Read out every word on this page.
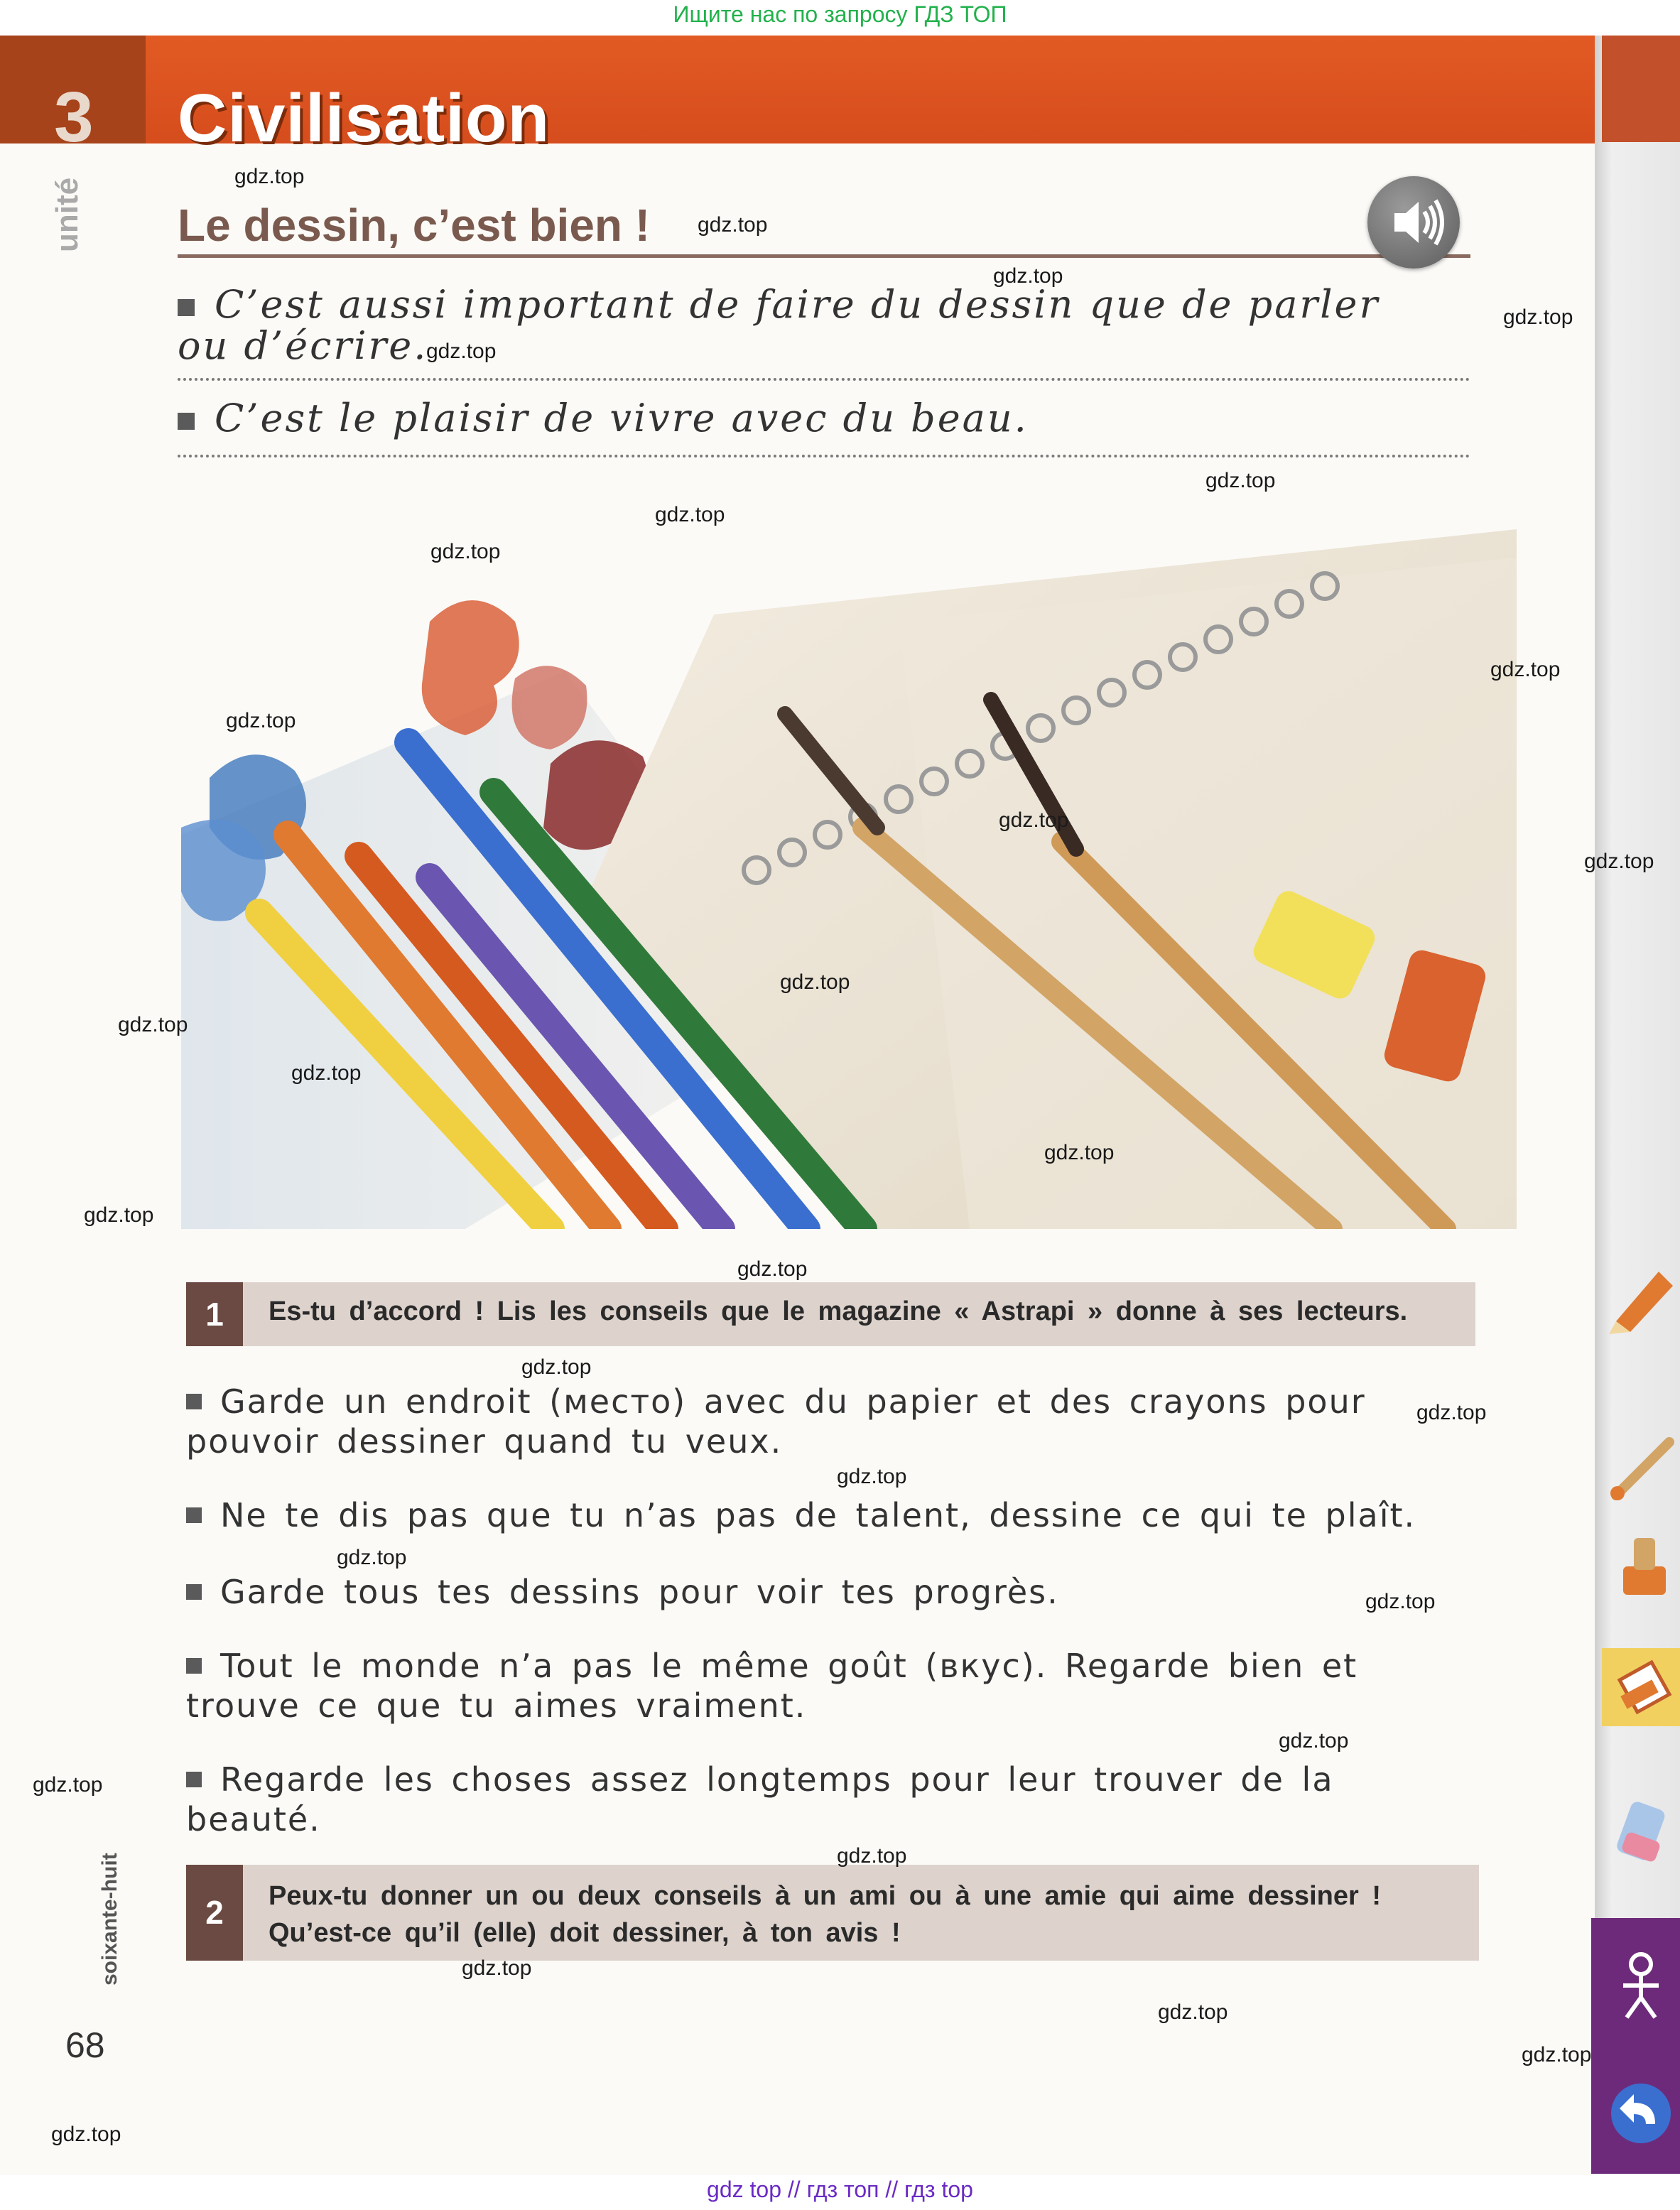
Ищите нас по запросу ГДЗ ТОП
3 Civilisation
unité Le dessin, c’est bien !
C’est aussi important de faire du dessin que de parler ou d’écrire.
C’est le plaisir de vivre avec du beau.
1	Es-tu d’accord ! Lis les conseils que le magazine « Astrapi » donne à ses lecteurs.
Garde un endroit (место) avec du papier et des crayons pour pouvoir dessiner quand tu veux.
Ne te dis pas que tu n’as pas de talent, dessine ce qui te plaît.
Garde tous tes dessins pour voir tes progrès.
Tout le monde n’a pas le même goût (вкус). Regarde bien et trouve ce que tu aimes vraiment.
Regarde les choses assez longtemps pour leur trouver de la beauté.
2	Peux-tu donner un ou deux conseils à un ami ou à une amie qui aime dessiner !
Qu’est-ce qu’il (elle) doit dessiner, à ton avis !
soixante-huit
68
gdz.top
gdz.top
gdz.top
gdz.top
gdz.top
gdz.top
gdz.top
gdz.top
gdz.top
gdz.top
gdz.top
gdz.top
gdz.top
gdz.top
gdz.top
gdz.top
gdz.top
gdz.top
gdz.top
gdz.top
gdz.top
gdz.top
gdz.top
gdz.top
gdz.top
gdz.top
gdz.top
gdz.top
gdz.top
gdz.top
gdz top // гдз топ // гдз top
